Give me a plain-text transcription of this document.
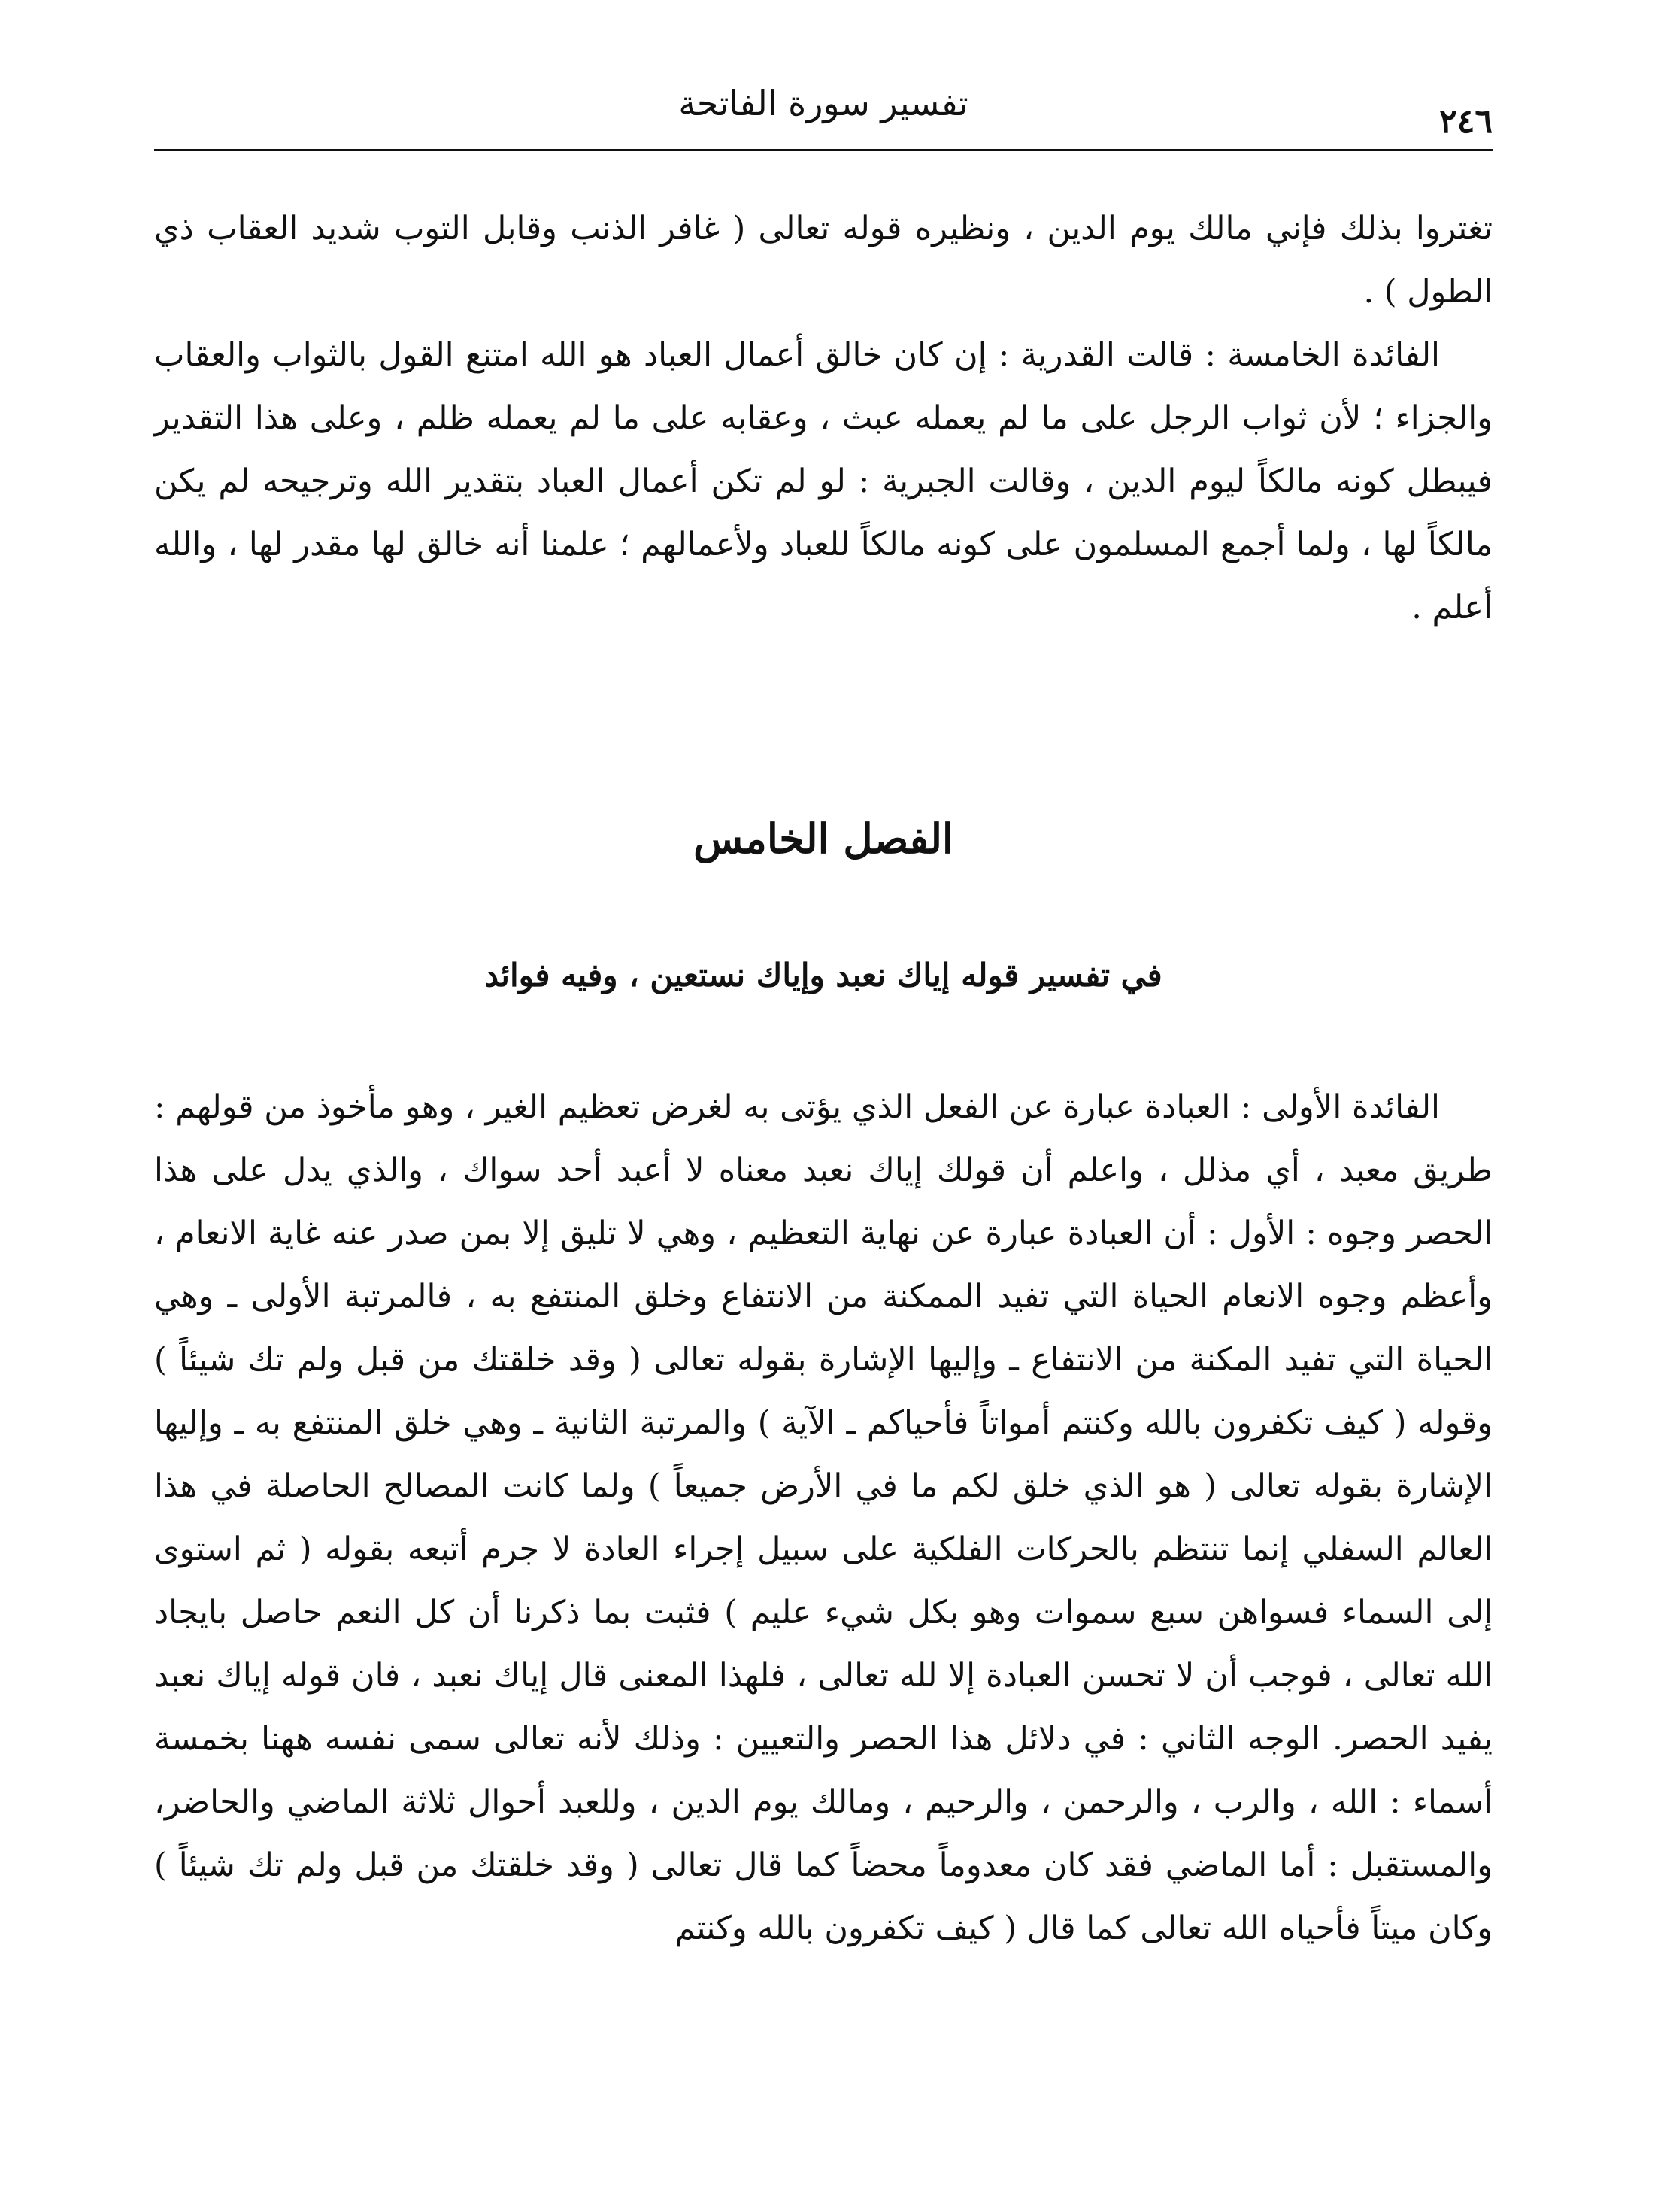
تفسير سورة الفاتحة	٢٤٦

تغتروا بذلك فإني مالك يوم الدين ، ونظيره قوله تعالى ( غافر الذنب وقابل التوب شديد العقاب ذي الطول ) .

الفائدة الخامسة : قالت القدرية : إن كان خالق أعمال العباد هو الله امتنع القول بالثواب والعقاب والجزاء ؛ لأن ثواب الرجل على ما لم يعمله عبث ، وعقابه على ما لم يعمله ظلم ، وعلى هذا التقدير فيبطل كونه مالكاً ليوم الدين ، وقالت الجبرية : لو لم تكن أعمال العباد بتقدير الله وترجيحه لم يكن مالكاً لها ، ولما أجمع المسلمون على كونه مالكاً للعباد ولأعمالهم ؛ علمنا أنه خالق لها مقدر لها ، والله أعلم .

الفصل الخامس
في تفسير قوله إياك نعبد وإياك نستعين ، وفيه فوائد

الفائدة الأولى : العبادة عبارة عن الفعل الذي يؤتى به لغرض تعظيم الغير ، وهو مأخوذ من قولهم : طريق معبد ، أي مذلل ، واعلم أن قولك إياك نعبد معناه لا أعبد أحد سواك ، والذي يدل على هذا الحصر وجوه : الأول : أن العبادة عبارة عن نهاية التعظيم ، وهي لا تليق إلا بمن صدر عنه غاية الانعام ، وأعظم وجوه الانعام الحياة التي تفيد الممكنة من الانتفاع وخلق المنتفع به ، فالمرتبة الأولى ـ وهي الحياة التي تفيد المكنة من الانتفاع ـ وإليها الإشارة بقوله تعالى ( وقد خلقتك من قبل ولم تك شيئاً ) وقوله ( كيف تكفرون بالله وكنتم أمواتاً فأحياكم ـ الآية ) والمرتبة الثانية ـ وهي خلق المنتفع به ـ وإليها الإشارة بقوله تعالى ( هو الذي خلق لكم ما في الأرض جميعاً ) ولما كانت المصالح الحاصلة في هذا العالم السفلي إنما تنتظم بالحركات الفلكية على سبيل إجراء العادة لا جرم أتبعه بقوله ( ثم استوى إلى السماء فسواهن سبع سموات وهو بكل شيء عليم ) فثبت بما ذكرنا أن كل النعم حاصل بايجاد الله تعالى ، فوجب أن لا تحسن العبادة إلا لله تعالى ، فلهذا المعنى قال إياك نعبد ، فان قوله إياك نعبد يفيد الحصر. الوجه الثاني : في دلائل هذا الحصر والتعيين : وذلك لأنه تعالى سمى نفسه ههنا بخمسة أسماء : الله ، والرب ، والرحمن ، والرحيم ، ومالك يوم الدين ، وللعبد أحوال ثلاثة الماضي والحاضر، والمستقبل : أما الماضي فقد كان معدوماً محضاً كما قال تعالى ( وقد خلقتك من قبل ولم تك شيئاً ) وكان ميتاً فأحياه الله تعالى كما قال ( كيف تكفرون بالله وكنتم
